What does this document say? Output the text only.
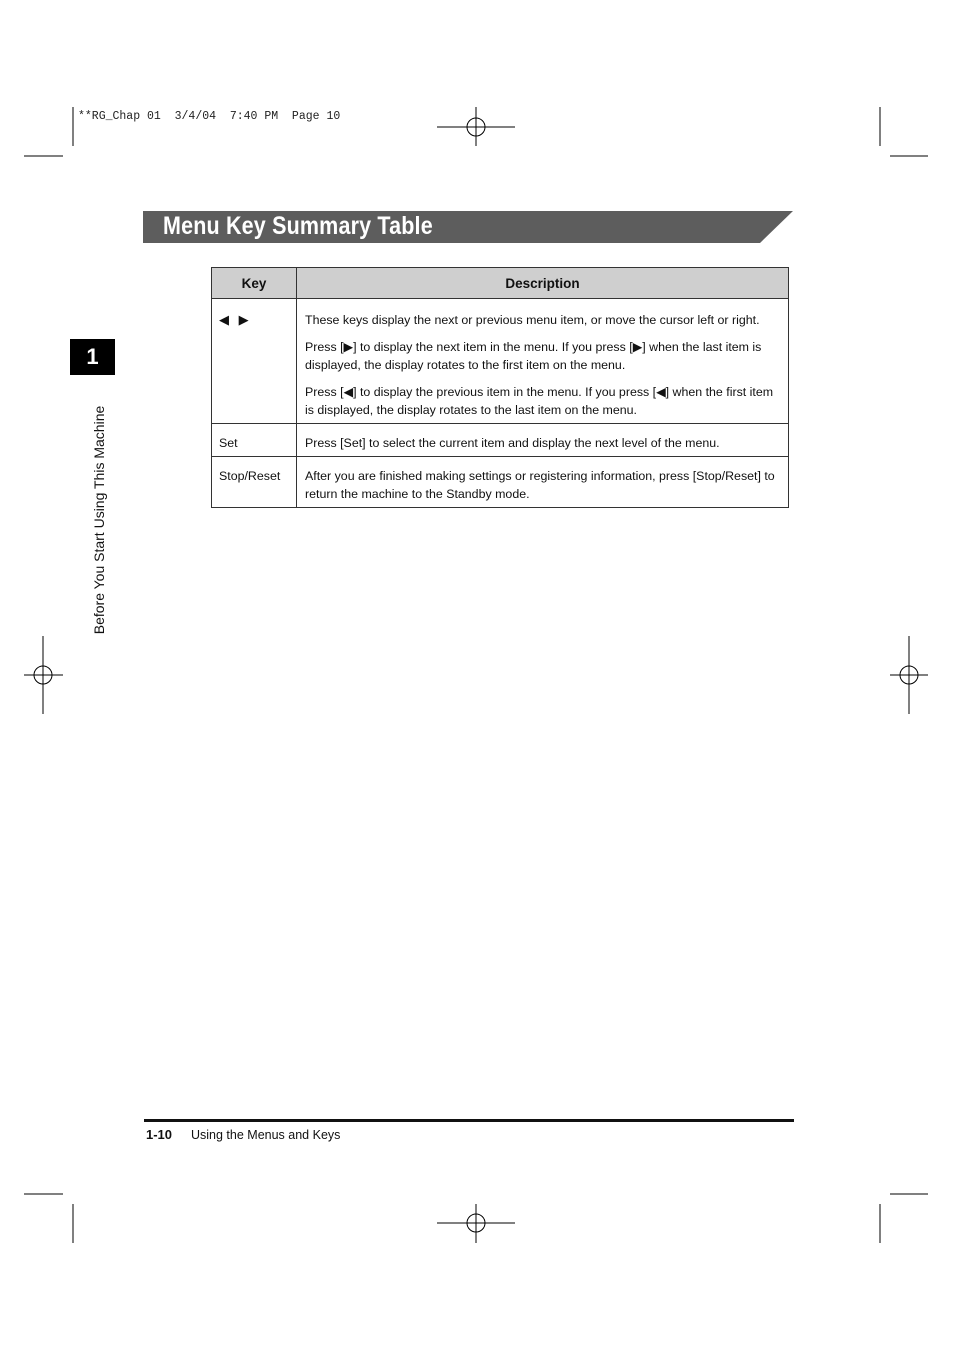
**RG_Chap 01  3/4/04  7:40 PM  Page 10
Menu Key Summary Table
1
Before You Start Using This Machine
Key	Description
◀ ▶	These keys display the next or previous menu item, or move the cursor left or right.

Press [▶] to display the next item in the menu. If you press [▶] when the last item is displayed, the display rotates to the first item on the menu.

Press [◀] to display the previous item in the menu. If you press [◀] when the first item is displayed, the display rotates to the last item on the menu.

Set	Press [Set] to select the current item and display the next level of the menu.

Stop/Reset	After you are finished making settings or registering information, press [Stop/Reset] to return the machine to the Standby mode.

1-10 Using the Menus and Keys
